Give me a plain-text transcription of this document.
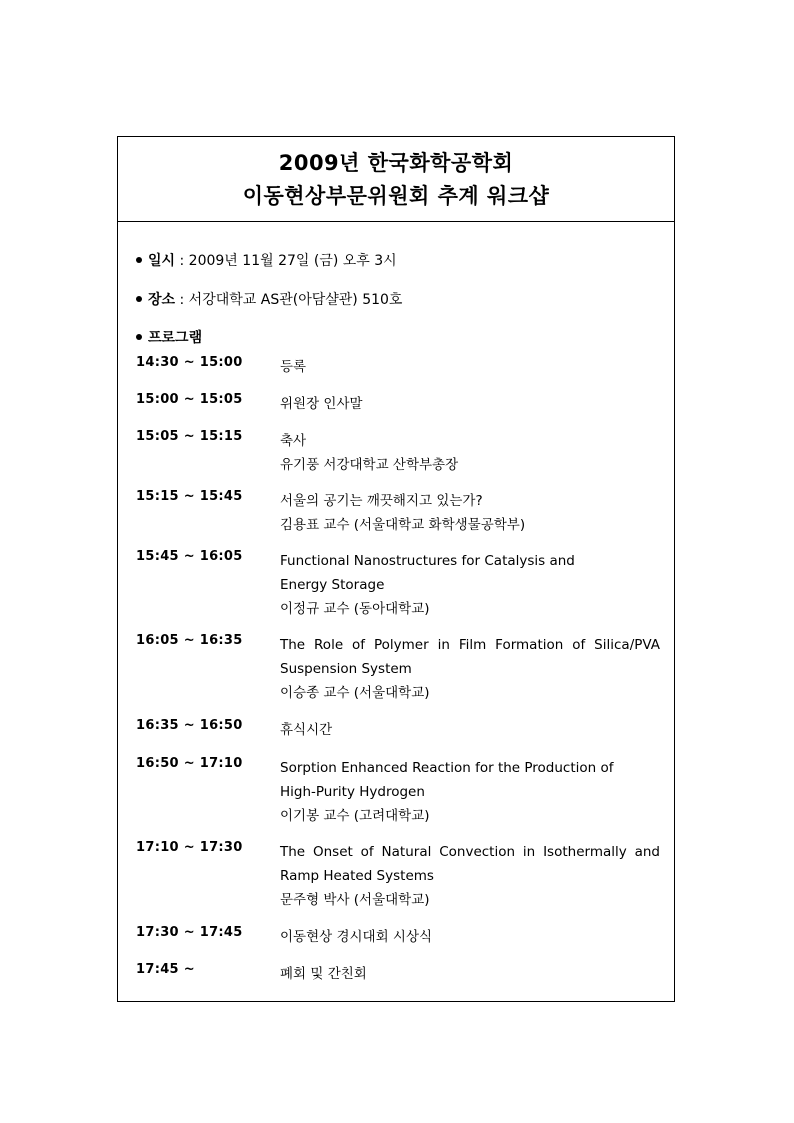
2009년 한국화학공학회
이동현상부문위원회 추계 워크샵
일시 : 2009년 11월 27일 (금) 오후 3시
장소 : 서강대학교 AS관(아담샬관) 510호
프로그램
14:30 ~ 15:00	등록
15:00 ~ 15:05	위원장 인사말
15:05 ~ 15:15	축사
유기풍 서강대학교 산학부총장
15:15 ~ 15:45	서울의 공기는 깨끗해지고 있는가?
김용표 교수 (서울대학교 화학생물공학부)
15:45 ~ 16:05	Functional Nanostructures for Catalysis and
Energy Storage
이정규 교수 (동아대학교)
16:05 ~ 16:35	The Role of Polymer in Film Formation of Silica/PVA
Suspension System
이승종 교수 (서울대학교)
16:35 ~ 16:50	휴식시간
16:50 ~ 17:10	Sorption Enhanced Reaction for the Production of
High-Purity Hydrogen
이기봉 교수 (고려대학교)
17:10 ~ 17:30	The Onset of Natural Convection in Isothermally and
Ramp Heated Systems
문주형 박사 (서울대학교)
17:30 ~ 17:45	이동현상 경시대회 시상식
17:45 ~	폐회 및 간친회
